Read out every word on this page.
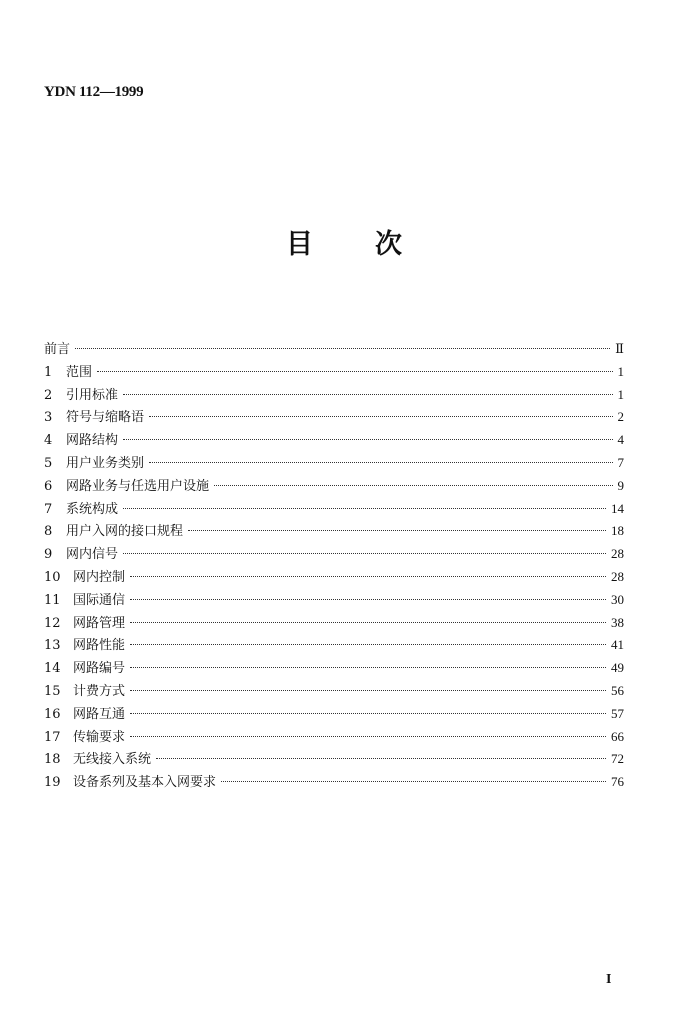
YDN 112—1999
目 次
前言	Ⅱ
1	范围	1
2	引用标准	1
3	符号与缩略语	2
4	网路结构	4
5	用户业务类别	7
6	网路业务与任选用户设施	9
7	系统构成	14
8	用户入网的接口规程	18
9	网内信号	28
10 网内控制	28
11 国际通信	30
12 网路管理	38
13 网路性能	41
14 网路编号	49
15 计费方式	56
16 网路互通	57
17 传输要求	66
18 无线接入系统	72
19 设备系列及基本入网要求	76
I
